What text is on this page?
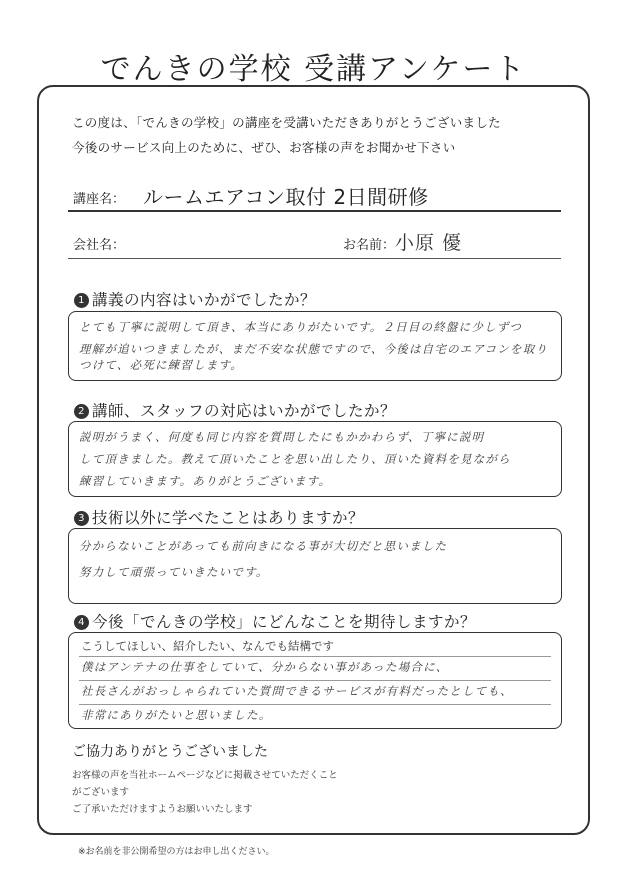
でんきの学校 受講アンケート
この度は、「でんきの学校」の講座を受講いただきありがとうございました
今後のサービス向上のために、ぜひ、お客様の声をお聞かせ下さい
講座名： ルームエアコン取付 2日間研修
会社名：	お名前： 小原 優
1 講義の内容はいかがでしたか？

とても丁寧に説明して頂き、本当にありがたいです。２日目の終盤に少しずつ

理解が追いつきましたが、まだ不安な状態ですので、今後は自宅のエアコンを取り

つけて、必死に練習します。

2 講師、スタッフの対応はいかがでしたか？

説明がうまく、何度も同じ内容を質問したにもかかわらず、丁寧に説明

して頂きました。教えて頂いたことを思い出したり、頂いた資料を見ながら

練習していきます。ありがとうございます。

3 技術以外に学べたことはありますか？

分からないことがあっても前向きになる事が大切だと思いました

努力して頑張っていきたいです。

4 今後「でんきの学校」にどんなことを期待しますか？
こうしてほしい、紹介したい、なんでも結構です

僕はアンテナの仕事をしていて、分からない事があった場合に、

社長さんがおっしゃられていた質問できるサービスが有料だったとしても、

非常にありがたいと思いました。

ご協力ありがとうございました
お客様の声を当社ホームページなどに掲載させていただくこと
がございます
ご了承いただけますようお願いいたします
※お名前を非公開希望の方はお申し出ください。
